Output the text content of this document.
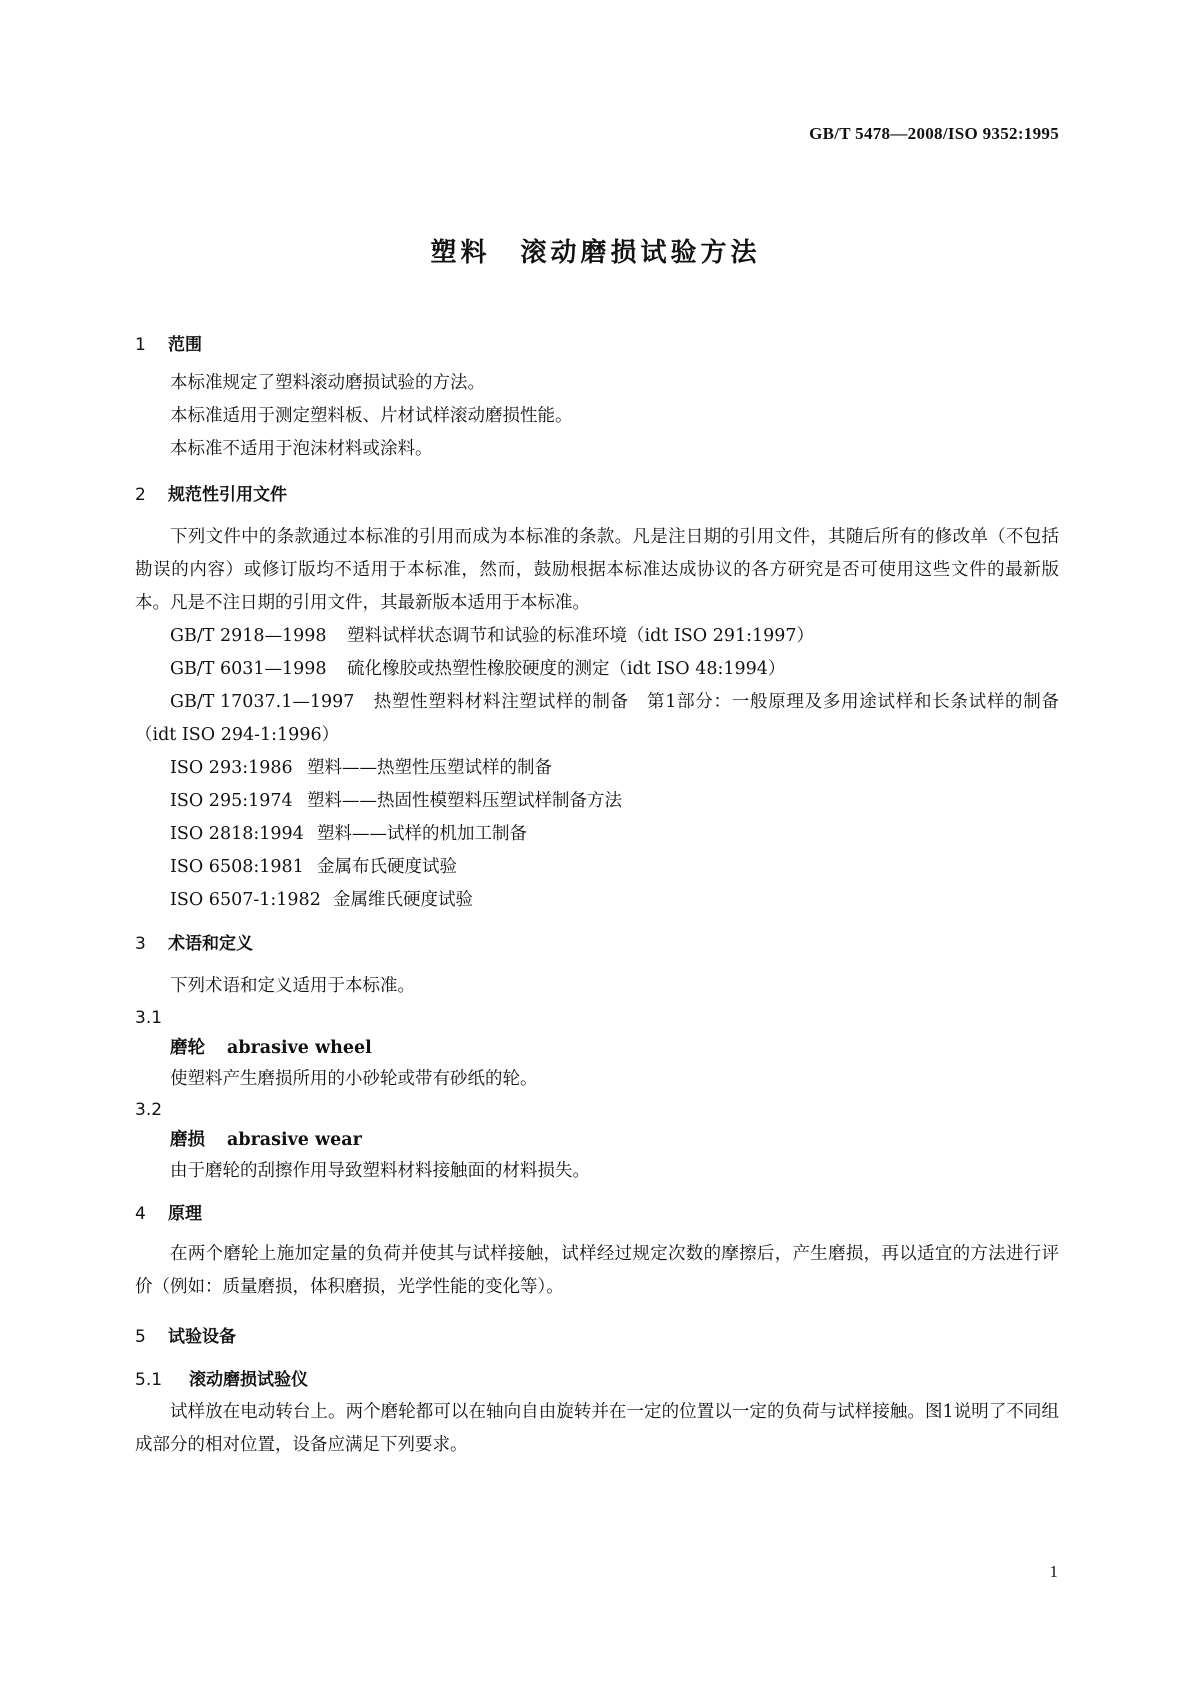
GB/T 5478—2008/ISO 9352:1995
塑料　滚动磨损试验方法
1 范围

本标准规定了塑料滚动磨损试验的方法。

本标准适用于测定塑料板、片材试样滚动磨损性能。

本标准不适用于泡沫材料或涂料。

2 规范性引用文件

下列文件中的条款通过本标准的引用而成为本标准的条款。凡是注日期的引用文件，其随后所有的修改单（不包括勘误的内容）或修订版均不适用于本标准，然而，鼓励根据本标准达成协议的各方研究是否可使用这些文件的最新版本。凡是不注日期的引用文件，其最新版本适用于本标准。

GB/T 2918—1998 塑料试样状态调节和试验的标准环境（idt ISO 291:1997）

GB/T 6031—1998 硫化橡胶或热塑性橡胶硬度的测定（idt ISO 48:1994）

GB/T 17037.1—1997 热塑性塑料材料注塑试样的制备　第1部分：一般原理及多用途试样和长条试样的制备（idt ISO 294-1:1996）

ISO 293:1986 塑料——热塑性压塑试样的制备

ISO 295:1974 塑料——热固性模塑料压塑试样制备方法

ISO 2818:1994 塑料——试样的机加工制备

ISO 6508:1981 金属布氏硬度试验

ISO 6507-1:1982 金属维氏硬度试验

3 术语和定义

下列术语和定义适用于本标准。

3.1
磨轮 abrasive wheel

使塑料产生磨损所用的小砂轮或带有砂纸的轮。

3.2
磨损 abrasive wear

由于磨轮的刮擦作用导致塑料材料接触面的材料损失。

4 原理

在两个磨轮上施加定量的负荷并使其与试样接触，试样经过规定次数的摩擦后，产生磨损，再以适宜的方法进行评价（例如：质量磨损，体积磨损，光学性能的变化等）。

5 试验设备
5.1 滚动磨损试验仪

试样放在电动转台上。两个磨轮都可以在轴向自由旋转并在一定的位置以一定的负荷与试样接触。图1说明了不同组成部分的相对位置，设备应满足下列要求。

1
